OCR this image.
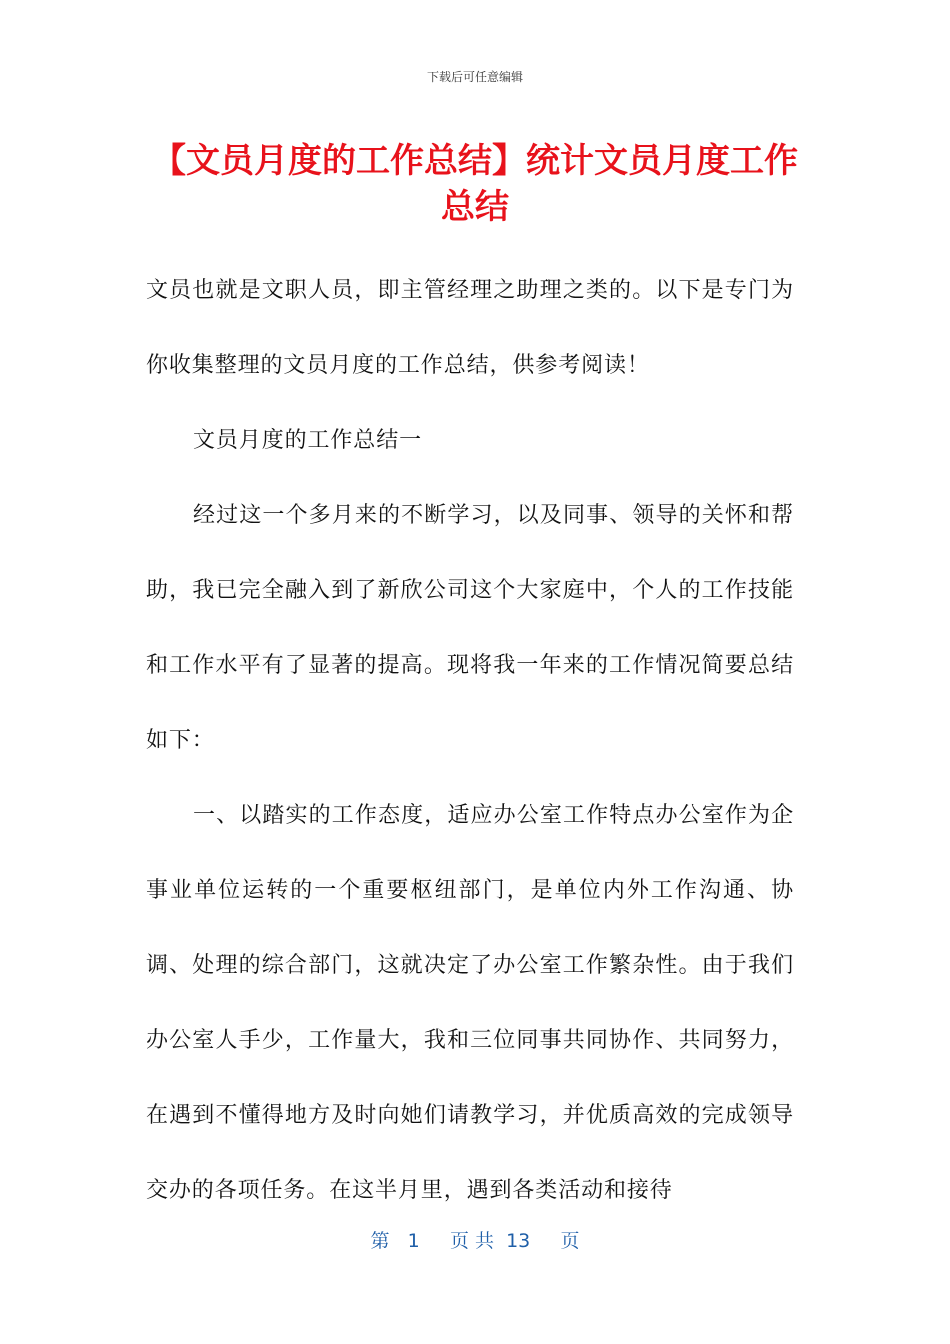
下载后可任意编辑
【文员月度的工作总结】统计文员月度工作总结

文员也就是文职人员，即主管经理之助理之类的。以下是专门为你收集整理的文员月度的工作总结，供参考阅读！

文员月度的工作总结一

经过这一个多月来的不断学习，以及同事、领导的关怀和帮助，我已完全融入到了新欣公司这个大家庭中，个人的工作技能和工作水平有了显著的提高。现将我一年来的工作情况简要总结如下：

一、以踏实的工作态度，适应办公室工作特点办公室作为企事业单位运转的一个重要枢纽部门，是单位内外工作沟通、协调、处理的综合部门，这就决定了办公室工作繁杂性。由于我们办公室人手少，工作量大，我和三位同事共同协作、共同努力，在遇到不懂得地方及时向她们请教学习，并优质高效的完成领导交办的各项任务。在这半月里，遇到各类活动和接待

第   1     页 共  13     页
